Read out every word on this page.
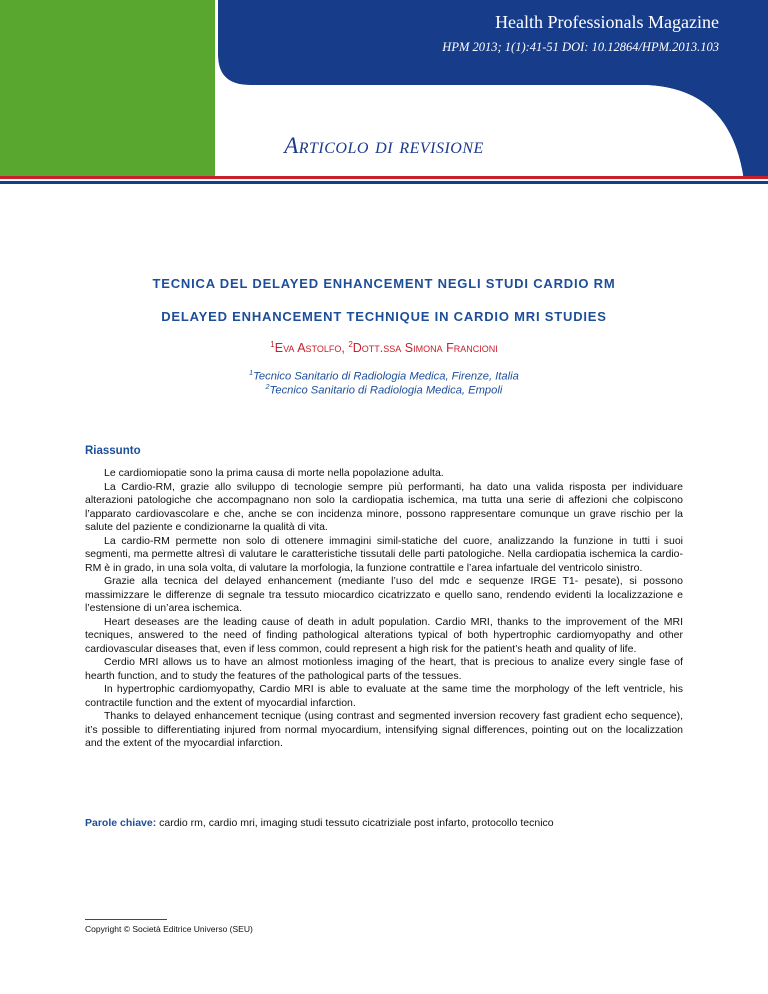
Health Professionals Magazine
HPM 2013; 1(1):41-51 DOI: 10.12864/HPM.2013.103
Articolo di revisione
TECNICA DEL DELAYED ENHANCEMENT NEGLI STUDI CARDIO RM
DELAYED ENHANCEMENT TECHNIQUE IN CARDIO MRI STUDIES
$^1$Eva Astolfo, $^2$Dott.ssa Simona Francioni
$^1$Tecnico Sanitario di Radiologia Medica, Firenze, Italia
$^2$Tecnico Sanitario di Radiologia Medica, Empoli
Riassunto

Le cardiomiopatie sono la prima causa di morte nella popolazione adulta.

La Cardio-RM, grazie allo sviluppo di tecnologie sempre più performanti, ha dato una valida risposta per individuare alterazioni patologiche che accompagnano non solo la cardiopatia ischemica, ma tutta una serie di affezioni che colpiscono l’apparato cardiovascolare e che, anche se con incidenza minore, possono rappresentare comunque un grave rischio per la salute del paziente e condizionarne la qualità di vita.

La cardio-RM permette non solo di ottenere immagini simil-statiche del cuore, analizzando la funzione in tutti i suoi segmenti, ma permette altresì di valutare le caratteristiche tissutali delle parti patologiche. Nella cardiopatia ischemica la cardio-RM è in grado, in una sola volta, di valutare la morfologia, la funzione contrattile e l’area infartuale del ventricolo sinistro.

Grazie alla tecnica del delayed enhancement (mediante l’uso del mdc e sequenze IRGE T1- pesate), si possono massimizzare le differenze di segnale tra tessuto miocardico cicatrizzato e quello sano, rendendo evidenti la localizzazione e l’estensione di un’area ischemica.

Heart deseases are the leading cause of death in adult population. Cardio MRI, thanks to the improvement of the MRI tecniques, answered to the need of finding pathological alterations typical of both hypertrophic cardiomyopathy and other cardiovascular diseases that, even if less common, could represent a high risk for the patient’s heath and quality of life.

Cerdio MRI allows us to have an almost motionless imaging of the heart, that is precious to analize every single fase of hearth function, and to study the features of the pathological parts of the tessues.

In hypertrophic cardiomyopathy, Cardio MRI is able to evaluate at the same time the morphology of the left ventricle, his contractile function and the extent of myocardial infarction.

Thanks to delayed enhancement tecnique (using contrast and segmented inversion recovery fast gradient echo sequence), it’s possible to differentiating injured from normal myocardium, intensifying signal differences, pointing out on the localizzation and the extent of the myocardial infarction.

Parole chiave: cardio rm, cardio mri, imaging studi tessuto cicatriziale post infarto, protocollo tecnico
Copyright © Società Editrice Universo (SEU)
